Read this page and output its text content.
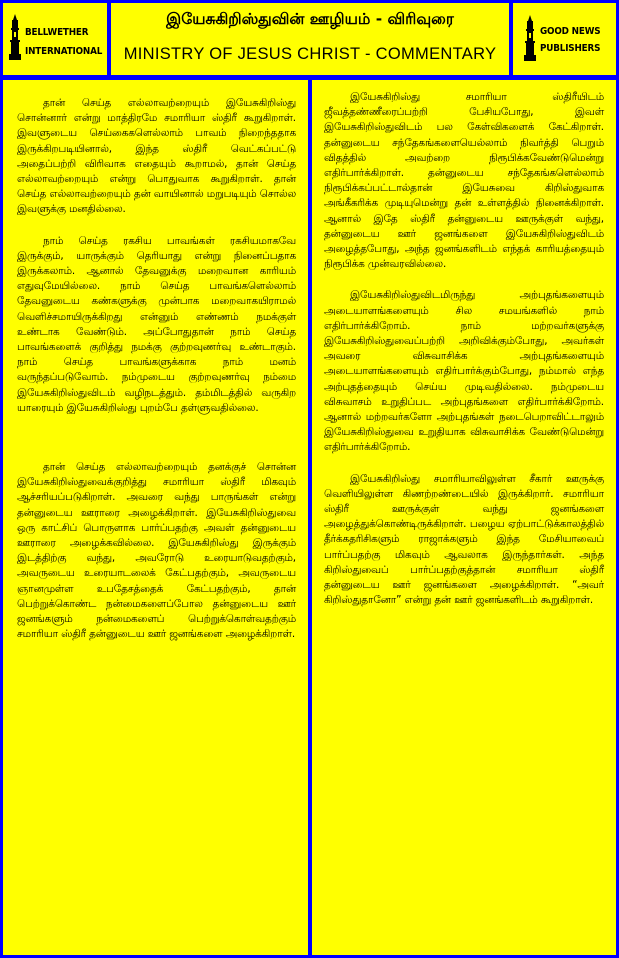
BELLWETHER
INTERNATIONAL
இயேசுகிறிஸ்துவின் ஊழியம் - விரிவுரை
MINISTRY OF JESUS CHRIST - COMMENTARY
GOOD NEWS
PUBLISHERS

தான் செய்த எல்லாவற்றையும் இயேசுகிறிஸ்து சொன்னார் என்று மாத்திரமே சமாரியா ஸ்திரீ கூறுகிறாள். இவளுடைய செய்கைகளெல்லாம் பாவம் நிறைந்ததாக இருக்கிறபடியினால், இந்த ஸ்திரீ வெட்கப்பட்டு அதைப்பற்றி விரிவாக எதையும் கூறாமல், தான் செய்த எல்லாவற்றையும் என்று பொதுவாக கூறுகிறாள். தான் செய்த எல்லாவற்றையும் தன் வாயினால் மறுபடியும் சொல்ல இவளுக்கு மனதில்லை.

நாம் செய்த ரகசிய பாவங்கள் ரகசியமாகவே இருக்கும், யாருக்கும் தெரியாது என்று நினைப்பதாக இருக்கலாம். ஆனால் தேவனுக்கு மறைவான காரியம் எதுவுமேயில்லை. நாம் செய்த பாவங்களெல்லாம் தேவனுடைய கண்களுக்கு முன்பாக மறைவாகயிராமல் வெளிச்சமாயிருக்கிறது என்னும் எண்ணம் நமக்குள் உண்டாக வேண்டும். அப்போதுதான் நாம் செய்த பாவங்களைக் குறித்து நமக்கு குற்றவுணர்வு உண்டாகும். நாம் செய்த பாவங்களுக்காக நாம் மனம் வருந்தப்படுவோம். நம்முடைய குற்றவுணர்வு நம்மை இயேசுகிறிஸ்துவிடம் வழிநடத்தும். தம்மிடத்தில் வருகிற யாரையும் இயேசுகிறிஸ்து புறம்பே தள்ளுவதில்லை.

தான் செய்த எல்லாவற்றையும் தனக்குச் சொன்ன இயேசுகிறிஸ்துவைக்குறித்து சமாரியா ஸ்திரீ மிகவும் ஆச்சரியப்படுகிறாள். அவரை வந்து பாருங்கள் என்று தன்னுடைய ஊராரை அழைக்கிறாள். இயேசுகிறிஸ்துவை ஒரு காட்சிப் பொருளாக பார்ப்பதற்கு அவள் தன்னுடைய ஊராரை அழைக்கவில்லை. இயேசுகிறிஸ்து இருக்கும் இடத்திற்கு வந்து, அவரோடு உரையாடுவதற்கும், அவருடைய உரையாடலைக் கேட்பதற்கும், அவருடைய ஞானமுள்ள உபதேசத்தைக் கேட்பதற்கும், தான் பெற்றுக்கொண்ட நன்மைகளைப்போல தன்னுடைய ஊர் ஜனங்களும் நன்மைகளைப் பெற்றுக்கொள்வதற்கும் சமாரியா ஸ்திரீ தன்னுடைய ஊர் ஜனங்களை அழைக்கிறாள்.

இயேசுகிறிஸ்து சமாரியா ஸ்திரீயிடம் ஜீவத்தண்ணீரைப்பற்றி பேசியபோது, இவள் இயேசுகிறிஸ்துவிடம் பல கேள்விகளைக் கேட்கிறாள். தன்னுடைய சந்தேகங்களையெல்லாம் நிவர்த்தி பெறும் விதத்தில் அவற்றை நிரூபிக்கவேண்டுமென்று எதிர்பார்க்கிறாள். தன்னுடைய சந்தேகங்களெல்லாம் நிரூபிக்கப்பட்டால்தான் இயேசுவை கிறிஸ்துவாக அங்கீகரிக்க முடியுமென்று தன் உள்ளத்தில் நினைக்கிறாள். ஆனால் இதே ஸ்திரீ தன்னுடைய ஊருக்குள் வந்து, தன்னுடைய ஊர் ஜனங்களை இயேசுகிறிஸ்துவிடம் அழைத்தபோது, அந்த ஜனங்களிடம் எந்தக் காரியத்தையும் நிரூபிக்க முன்வரவில்லை.

இயேசுகிறிஸ்துவிடமிருந்து அற்புதங்களையும் அடையாளங்களையும் சில சமயங்களில் நாம் எதிர்பார்க்கிறோம். நாம் மற்றவர்களுக்கு இயேசுகிறிஸ்துவைப்பற்றி அறிவிக்கும்போது, அவர்கள் அவரை விசுவாசிக்க அற்புதங்களையும் அடையாளங்களையும் எதிர்பார்க்கும்போது, நம்மால் எந்த அற்புதத்தையும் செய்ய முடிவதில்லை. நம்முடைய விசுவாசம் உறுதிப்பட அற்புதங்களை எதிர்பார்க்கிறோம். ஆனால் மற்றவர்களோ அற்புதங்கள் நடைபெறாவிட்டாலும் இயேசுகிறிஸ்துவை உறுதியாக விசுவாசிக்க வேண்டுமென்று எதிர்பார்க்கிறோம்.

இயேசுகிறிஸ்து சமாரியாவிலுள்ள சீகார் ஊருக்கு வெளியிலுள்ள கிணற்றண்டையில் இருக்கிறார். சமாரியா ஸ்திரீ ஊருக்குள் வந்து ஜனங்களை அழைத்துக்கொண்டிருக்கிறாள். பழைய ஏற்பாட்டுக்காலத்தில் தீர்க்கதரிசிகளும் ராஜாக்களும் இந்த மேசியாவைப் பார்ப்பதற்கு மிகவும் ஆவலாக இருந்தார்கள். அந்த கிறிஸ்துவைப் பார்ப்பதற்குத்தான் சமாரியா ஸ்திரீ தன்னுடைய ஊர் ஜனங்களை அழைக்கிறாள். “அவர் கிறிஸ்துதானோ” என்று தன் ஊர் ஜனங்களிடம் கூறுகிறாள்.
